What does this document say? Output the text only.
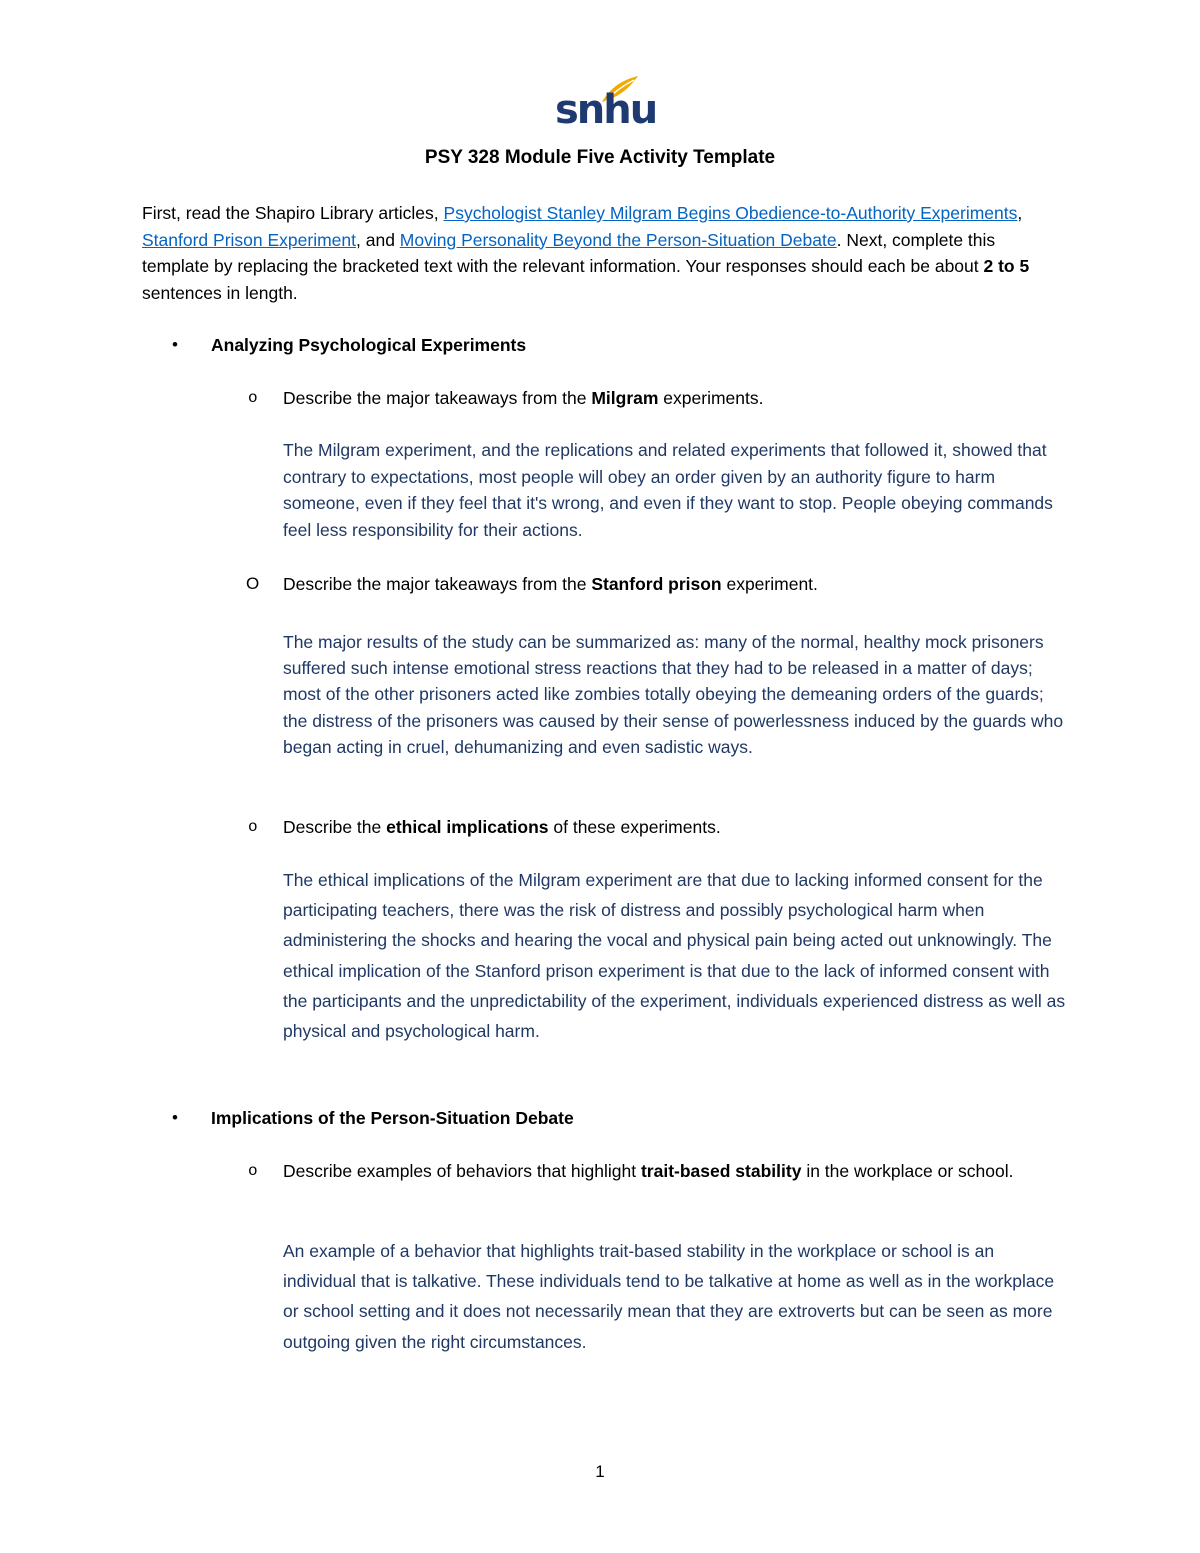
snhu
PSY 328 Module Five Activity Template
First, read the Shapiro Library articles, Psychologist Stanley Milgram Begins Obedience-to-Authority Experiments, Stanford Prison Experiment, and Moving Personality Beyond the Person-Situation Debate. Next, complete this template by replacing the bracketed text with the relevant information. Your responses should each be about 2 to 5 sentences in length.
• Analyzing Psychological Experiments
o Describe the major takeaways from the Milgram experiments.
The Milgram experiment, and the replications and related experiments that followed it, showed that contrary to expectations, most people will obey an order given by an authority figure to harm someone, even if they feel that it's wrong, and even if they want to stop. People obeying commands feel less responsibility for their actions.
O Describe the major takeaways from the Stanford prison experiment.
The major results of the study can be summarized as: many of the normal, healthy mock prisoners suffered such intense emotional stress reactions that they had to be released in a matter of days; most of the other prisoners acted like zombies totally obeying the demeaning orders of the guards; the distress of the prisoners was caused by their sense of powerlessness induced by the guards who began acting in cruel, dehumanizing and even sadistic ways.
o Describe the ethical implications of these experiments.
The ethical implications of the Milgram experiment are that due to lacking informed consent for the participating teachers, there was the risk of distress and possibly psychological harm when administering the shocks and hearing the vocal and physical pain being acted out unknowingly. The ethical implication of the Stanford prison experiment is that due to the lack of informed consent with the participants and the unpredictability of the experiment, individuals experienced distress as well as physical and psychological harm.
• Implications of the Person-Situation Debate
o Describe examples of behaviors that highlight trait-based stability in the workplace or school.
An example of a behavior that highlights trait-based stability in the workplace or school is an individual that is talkative. These individuals tend to be talkative at home as well as in the workplace or school setting and it does not necessarily mean that they are extroverts but can be seen as more outgoing given the right circumstances.
1
